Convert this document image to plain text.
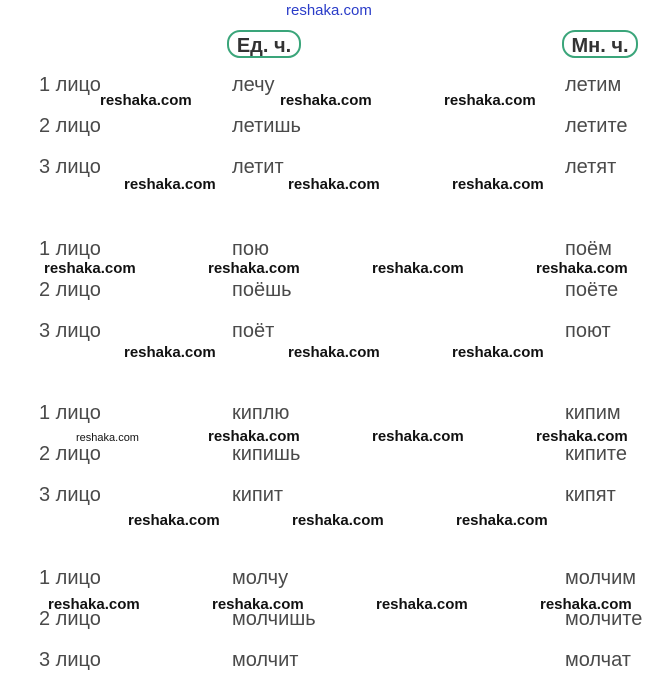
reshaka.com
Ед. ч.	Мн. ч.
1 лицо	лечу	летим
2 лицо	летишь	летите
3 лицо	летит	летят
1 лицо	пою	поём
2 лицо	поёшь	поёте
3 лицо	поёт	поют
1 лицо	киплю	кипим
2 лицо	кипишь	кипите
3 лицо	кипит	кипят
1 лицо	молчу	молчим
2 лицо	молчишь	молчите
3 лицо	молчит	молчат
reshaka.com	reshaka.com	reshaka.com
reshaka.com	reshaka.com	reshaka.com
reshaka.com	reshaka.com	reshaka.com	reshaka.com
reshaka.com	reshaka.com	reshaka.com
reshaka.com	reshaka.com	reshaka.com	reshaka.com
reshaka.com	reshaka.com	reshaka.com
reshaka.com	reshaka.com	reshaka.com	reshaka.com
